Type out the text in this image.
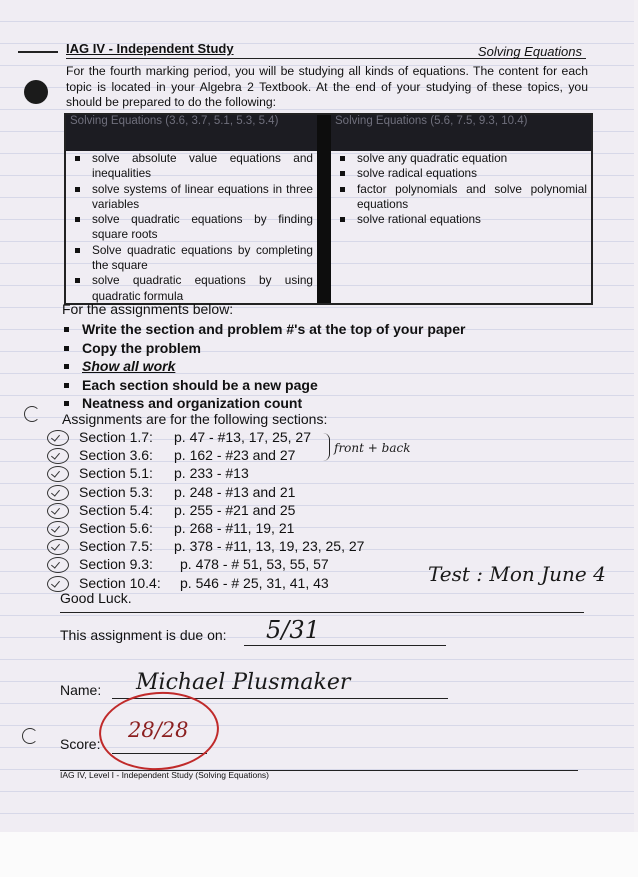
IAG IV - Independent Study	Solving Equations
For the fourth marking period, you will be studying all kinds of equations. The content for each topic is located in your Algebra 2 Textbook. At the end of your studying of these topics, you should be prepared to do the following:
Solving Equations (3.6, 3.7, 5.1, 5.3, 5.4)
solve absolute value equations and inequalities
solve systems of linear equations in three variables
solve quadratic equations by finding square roots
Solve quadratic equations by completing the square
solve quadratic equations by using quadratic formula
Solving Equations (5.6, 7.5, 9.3, 10.4)
solve any quadratic equation
solve radical equations
factor polynomials and solve polynomial equations
solve rational equations
For the assignments below:
Write the section and problem #'s at the top of your paper
Copy the problem
Show all work
Each section should be a new page
Neatness and organization count
Assignments are for the following sections:
Section 1.7: p. 47 - #13, 17, 25, 27
Section 3.6: p. 162 - #23 and 27
Section 5.1: p. 233 - #13
Section 5.3: p. 248 - #13 and 21
Section 5.4: p. 255 - #21 and 25
Section 5.6: p. 268 - #11, 19, 21
Section 7.5: p. 378 - #11, 13, 19, 23, 25, 27
Section 9.3: p. 478 - # 51, 53, 55, 57
Section 10.4: p. 546 - # 25, 31, 41, 43
front + back
Test : Mon June 4
Good Luck.
This assignment is due on: 5/31
Name: Michael Plusmaker
Score:
28/28
IAG IV, Level I - Independent Study (Solving Equations)
